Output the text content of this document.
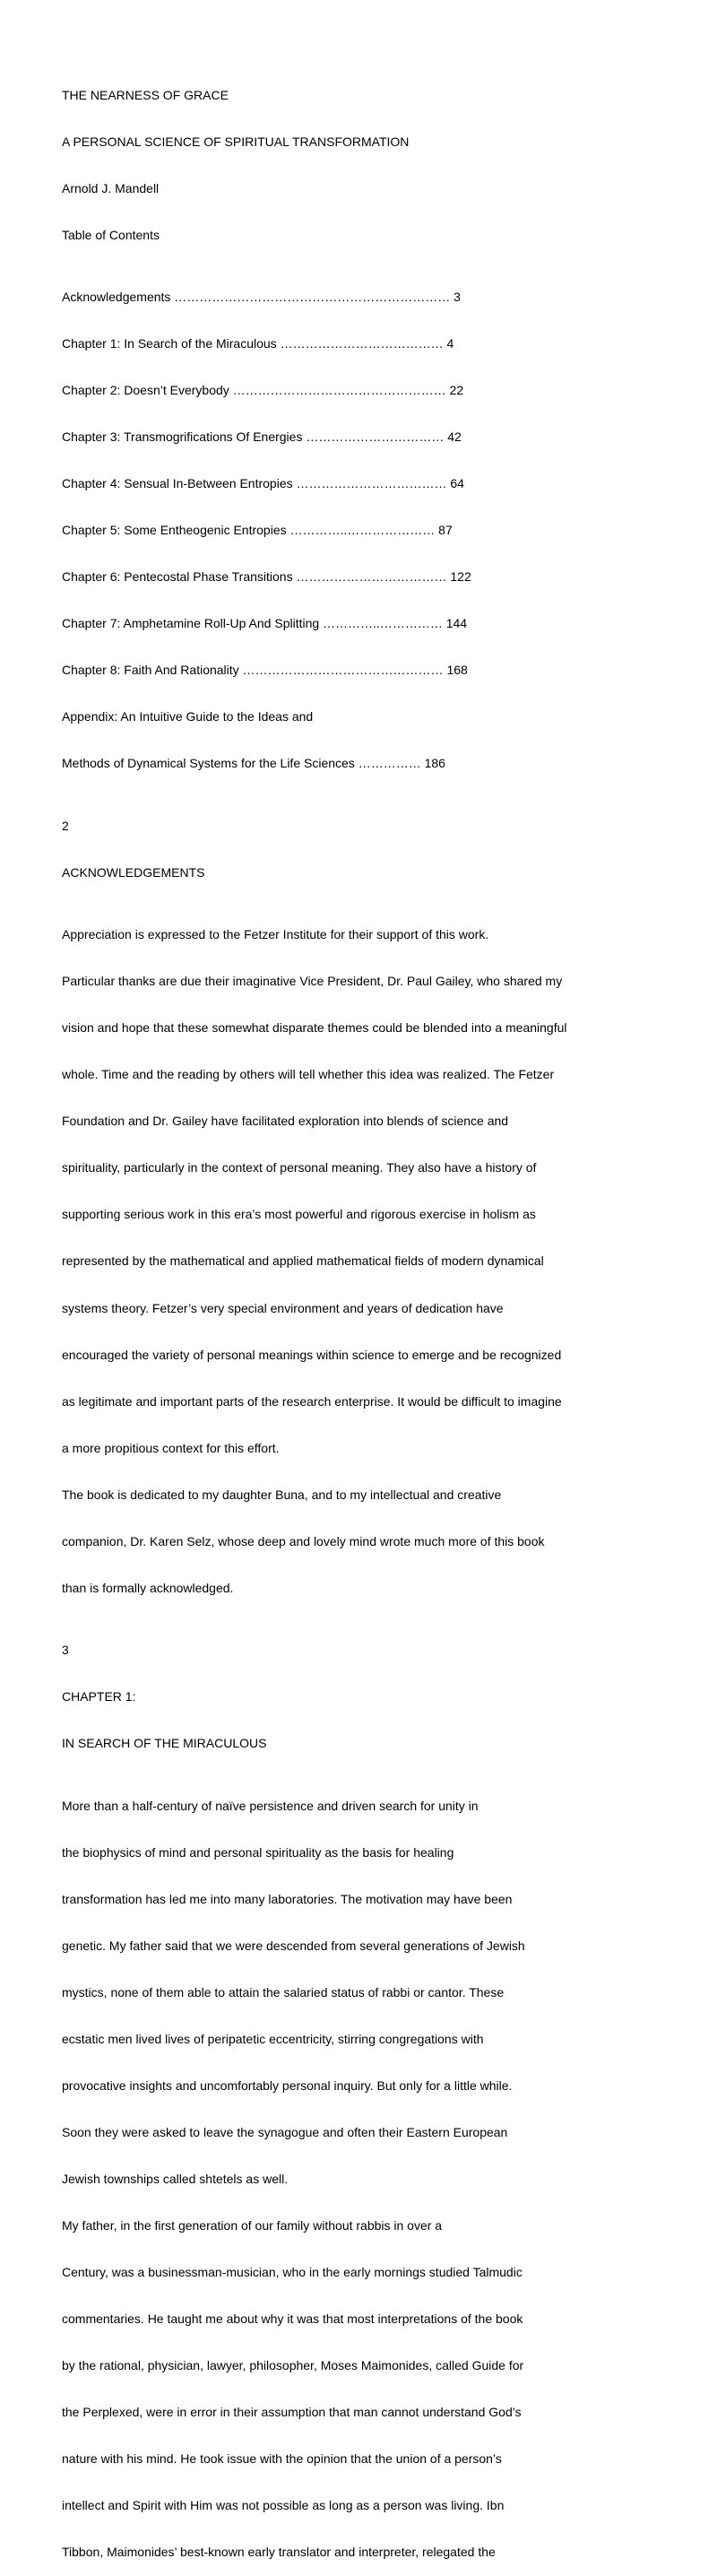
THE NEARNESS OF GRACE

A PERSONAL SCIENCE OF SPIRITUAL TRANSFORMATION

Arnold J. Mandell

Table of Contents

Acknowledgements ………………………………………………………… 3

Chapter 1: In Search of the Miraculous ………………………………… 4

Chapter 2: Doesn’t Everybody …………………………………………… 22

Chapter 3: Transmogrifications Of Energies …………………………… 42

Chapter 4: Sensual In-Between Entropies ……………………………… 64

Chapter 5: Some Entheogenic Entropies …………..………………… 87

Chapter 6: Pentecostal Phase Transitions ……………………………… 122

Chapter 7: Amphetamine Roll-Up And Splitting …………..…………… 144

Chapter 8: Faith And Rationality ………………………………………… 168

Appendix: An Intuitive Guide to the Ideas and

Methods of Dynamical Systems for the Life Sciences …………… 186

2

ACKNOWLEDGEMENTS

Appreciation is expressed to the Fetzer Institute for their support of this work.

Particular thanks are due their imaginative Vice President, Dr. Paul Gailey, who shared my

vision and hope that these somewhat disparate themes could be blended into a meaningful

whole. Time and the reading by others will tell whether this idea was realized. The Fetzer

Foundation and Dr. Gailey have facilitated exploration into blends of science and

spirituality, particularly in the context of personal meaning. They also have a history of

supporting serious work in this era’s most powerful and rigorous exercise in holism as

represented by the mathematical and applied mathematical fields of modern dynamical

systems theory. Fetzer’s very special environment and years of dedication have

encouraged the variety of personal meanings within science to emerge and be recognized

as legitimate and important parts of the research enterprise. It would be difficult to imagine

a more propitious context for this effort.

The book is dedicated to my daughter Buna, and to my intellectual and creative

companion, Dr. Karen Selz, whose deep and lovely mind wrote much more of this book

than is formally acknowledged.

3

CHAPTER 1:

IN SEARCH OF THE MIRACULOUS

More than a half-century of naïve persistence and driven search for unity in

the biophysics of mind and personal spirituality as the basis for healing

transformation has led me into many laboratories. The motivation may have been

genetic. My father said that we were descended from several generations of Jewish

mystics, none of them able to attain the salaried status of rabbi or cantor. These

ecstatic men lived lives of peripatetic eccentricity, stirring congregations with

provocative insights and uncomfortably personal inquiry. But only for a little while.

Soon they were asked to leave the synagogue and often their Eastern European

Jewish townships called shtetels as well.

My father, in the first generation of our family without rabbis in over a

Century, was a businessman-musician, who in the early mornings studied Talmudic

commentaries. He taught me about why it was that most interpretations of the book

by the rational, physician, lawyer, philosopher, Moses Maimonides, called Guide for

the Perplexed, were in error in their assumption that man cannot understand God’s

nature with his mind. He took issue with the opinion that the union of a person’s

intellect and Spirit with Him was not possible as long as a person was living. Ibn

Tibbon, Maimonides’ best-known early translator and interpreter, relegated the
